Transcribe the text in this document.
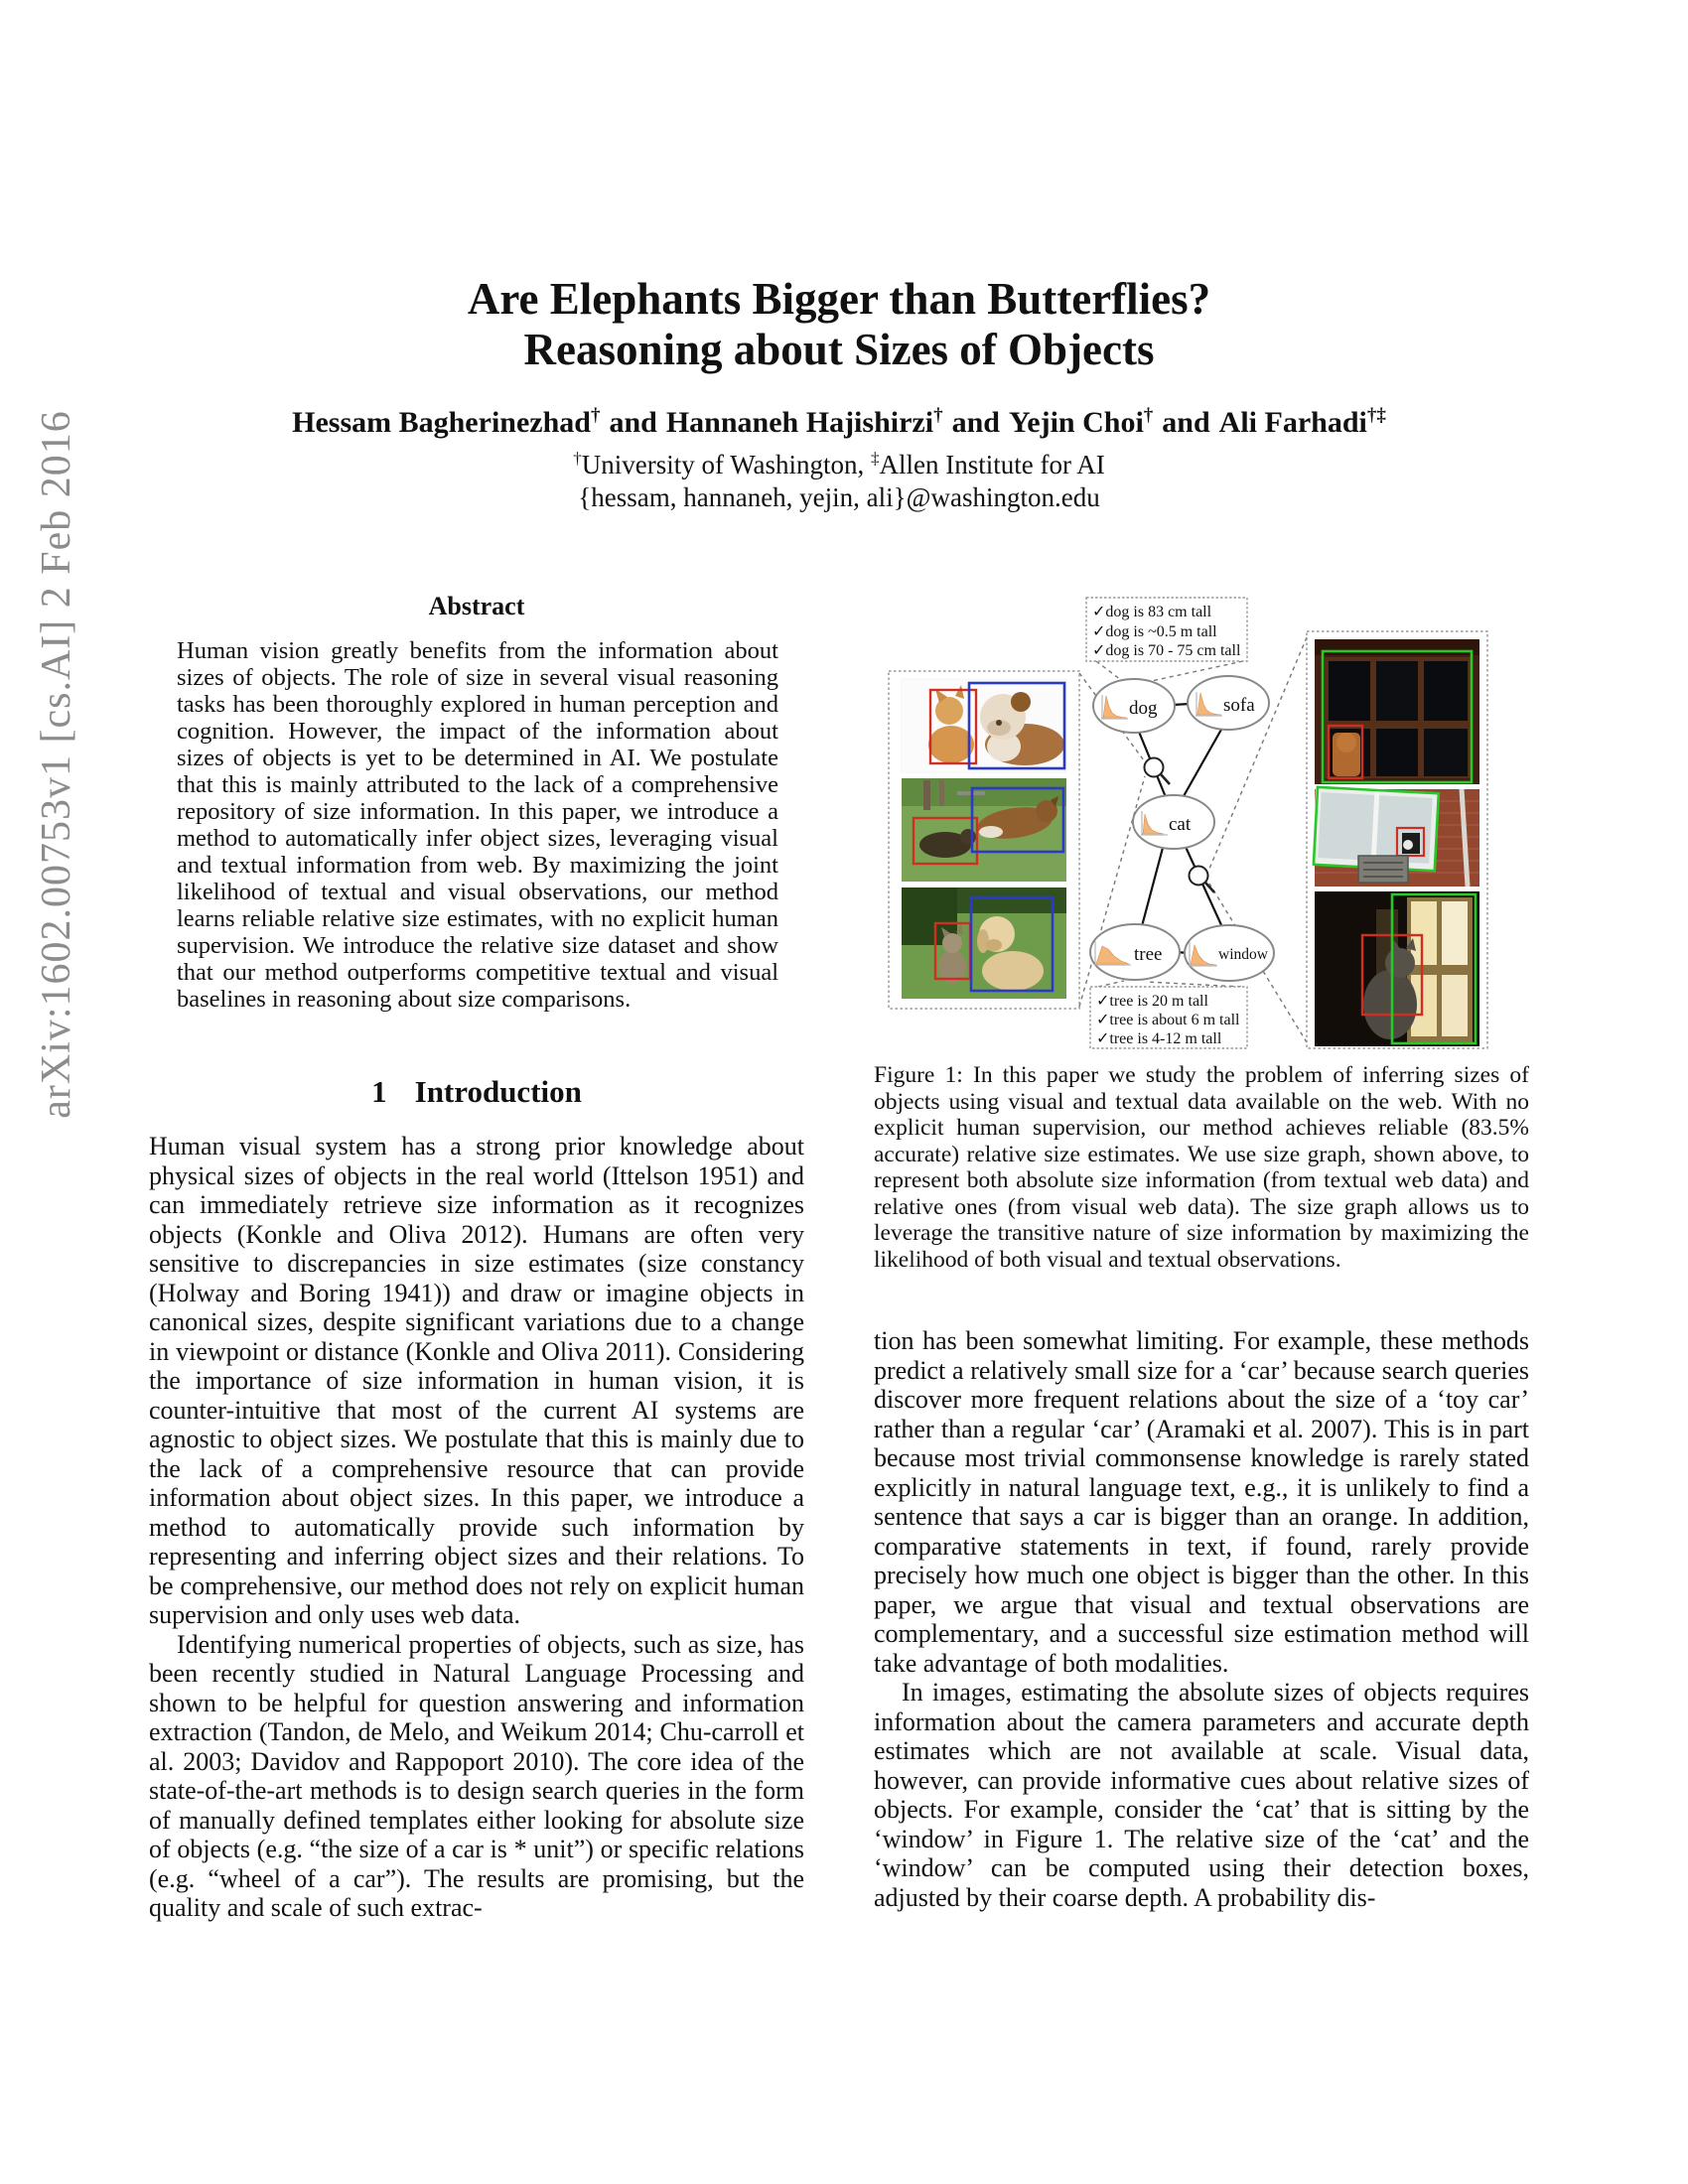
arXiv:1602.00753v1 [cs.AI] 2 Feb 2016
Are Elephants Bigger than Butterflies?
Reasoning about Sizes of Objects
Hessam Bagherinezhad† and Hannaneh Hajishirzi† and Yejin Choi† and Ali Farhadi†‡
†University of Washington, ‡Allen Institute for AI
{hessam, hannaneh, yejin, ali}@washington.edu
Abstract

Human vision greatly benefits from the information about sizes of objects. The role of size in several visual reasoning tasks has been thoroughly explored in human perception and cognition. However, the impact of the information about sizes of objects is yet to be determined in AI. We postulate that this is mainly attributed to the lack of a comprehensive repository of size information. In this paper, we introduce a method to automatically infer object sizes, leveraging visual and textual information from web. By maximizing the joint likelihood of textual and visual observations, our method learns reliable relative size estimates, with no explicit human supervision. We introduce the relative size dataset and show that our method outperforms competitive textual and visual baselines in reasoning about size comparisons.

1 Introduction

Human visual system has a strong prior knowledge about physical sizes of objects in the real world (Ittelson 1951) and can immediately retrieve size information as it recognizes objects (Konkle and Oliva 2012). Humans are often very sensitive to discrepancies in size estimates (size constancy (Holway and Boring 1941)) and draw or imagine objects in canonical sizes, despite significant variations due to a change in viewpoint or distance (Konkle and Oliva 2011). Considering the importance of size information in human vision, it is counter-intuitive that most of the current AI systems are agnostic to object sizes. We postulate that this is mainly due to the lack of a comprehensive resource that can provide information about object sizes. In this paper, we introduce a method to automatically provide such information by representing and inferring object sizes and their relations. To be comprehensive, our method does not rely on explicit human supervision and only uses web data.

Identifying numerical properties of objects, such as size, has been recently studied in Natural Language Processing and shown to be helpful for question answering and information extraction (Tandon, de Melo, and Weikum 2014; Chu-carroll et al. 2003; Davidov and Rappoport 2010). The core idea of the state-of-the-art methods is to design search queries in the form of manually defined templates either looking for absolute size of objects (e.g. “the size of a car is * unit”) or specific relations (e.g. “wheel of a car”). The results are promising, but the quality and scale of such extrac-

dog	sofa
cat
tree	window
✓dog is 83 cm tall
✓dog is ~0.5 m tall
✓dog is 70 - 75 cm tall
✓tree is 20 m tall
✓tree is about 6 m tall
✓tree is 4-12 m tall

Figure 1: In this paper we study the problem of inferring sizes of objects using visual and textual data available on the web. With no explicit human supervision, our method achieves reliable (83.5% accurate) relative size estimates. We use size graph, shown above, to represent both absolute size information (from textual web data) and relative ones (from visual web data). The size graph allows us to leverage the transitive nature of size information by maximizing the likelihood of both visual and textual observations.

tion has been somewhat limiting. For example, these methods predict a relatively small size for a ‘car’ because search queries discover more frequent relations about the size of a ‘toy car’ rather than a regular ‘car’ (Aramaki et al. 2007). This is in part because most trivial commonsense knowledge is rarely stated explicitly in natural language text, e.g., it is unlikely to find a sentence that says a car is bigger than an orange. In addition, comparative statements in text, if found, rarely provide precisely how much one object is bigger than the other. In this paper, we argue that visual and textual observations are complementary, and a successful size estimation method will take advantage of both modalities.

In images, estimating the absolute sizes of objects requires information about the camera parameters and accurate depth estimates which are not available at scale. Visual data, however, can provide informative cues about relative sizes of objects. For example, consider the ‘cat’ that is sitting by the ‘window’ in Figure 1. The relative size of the ‘cat’ and the ‘window’ can be computed using their detection boxes, adjusted by their coarse depth. A probability dis-
